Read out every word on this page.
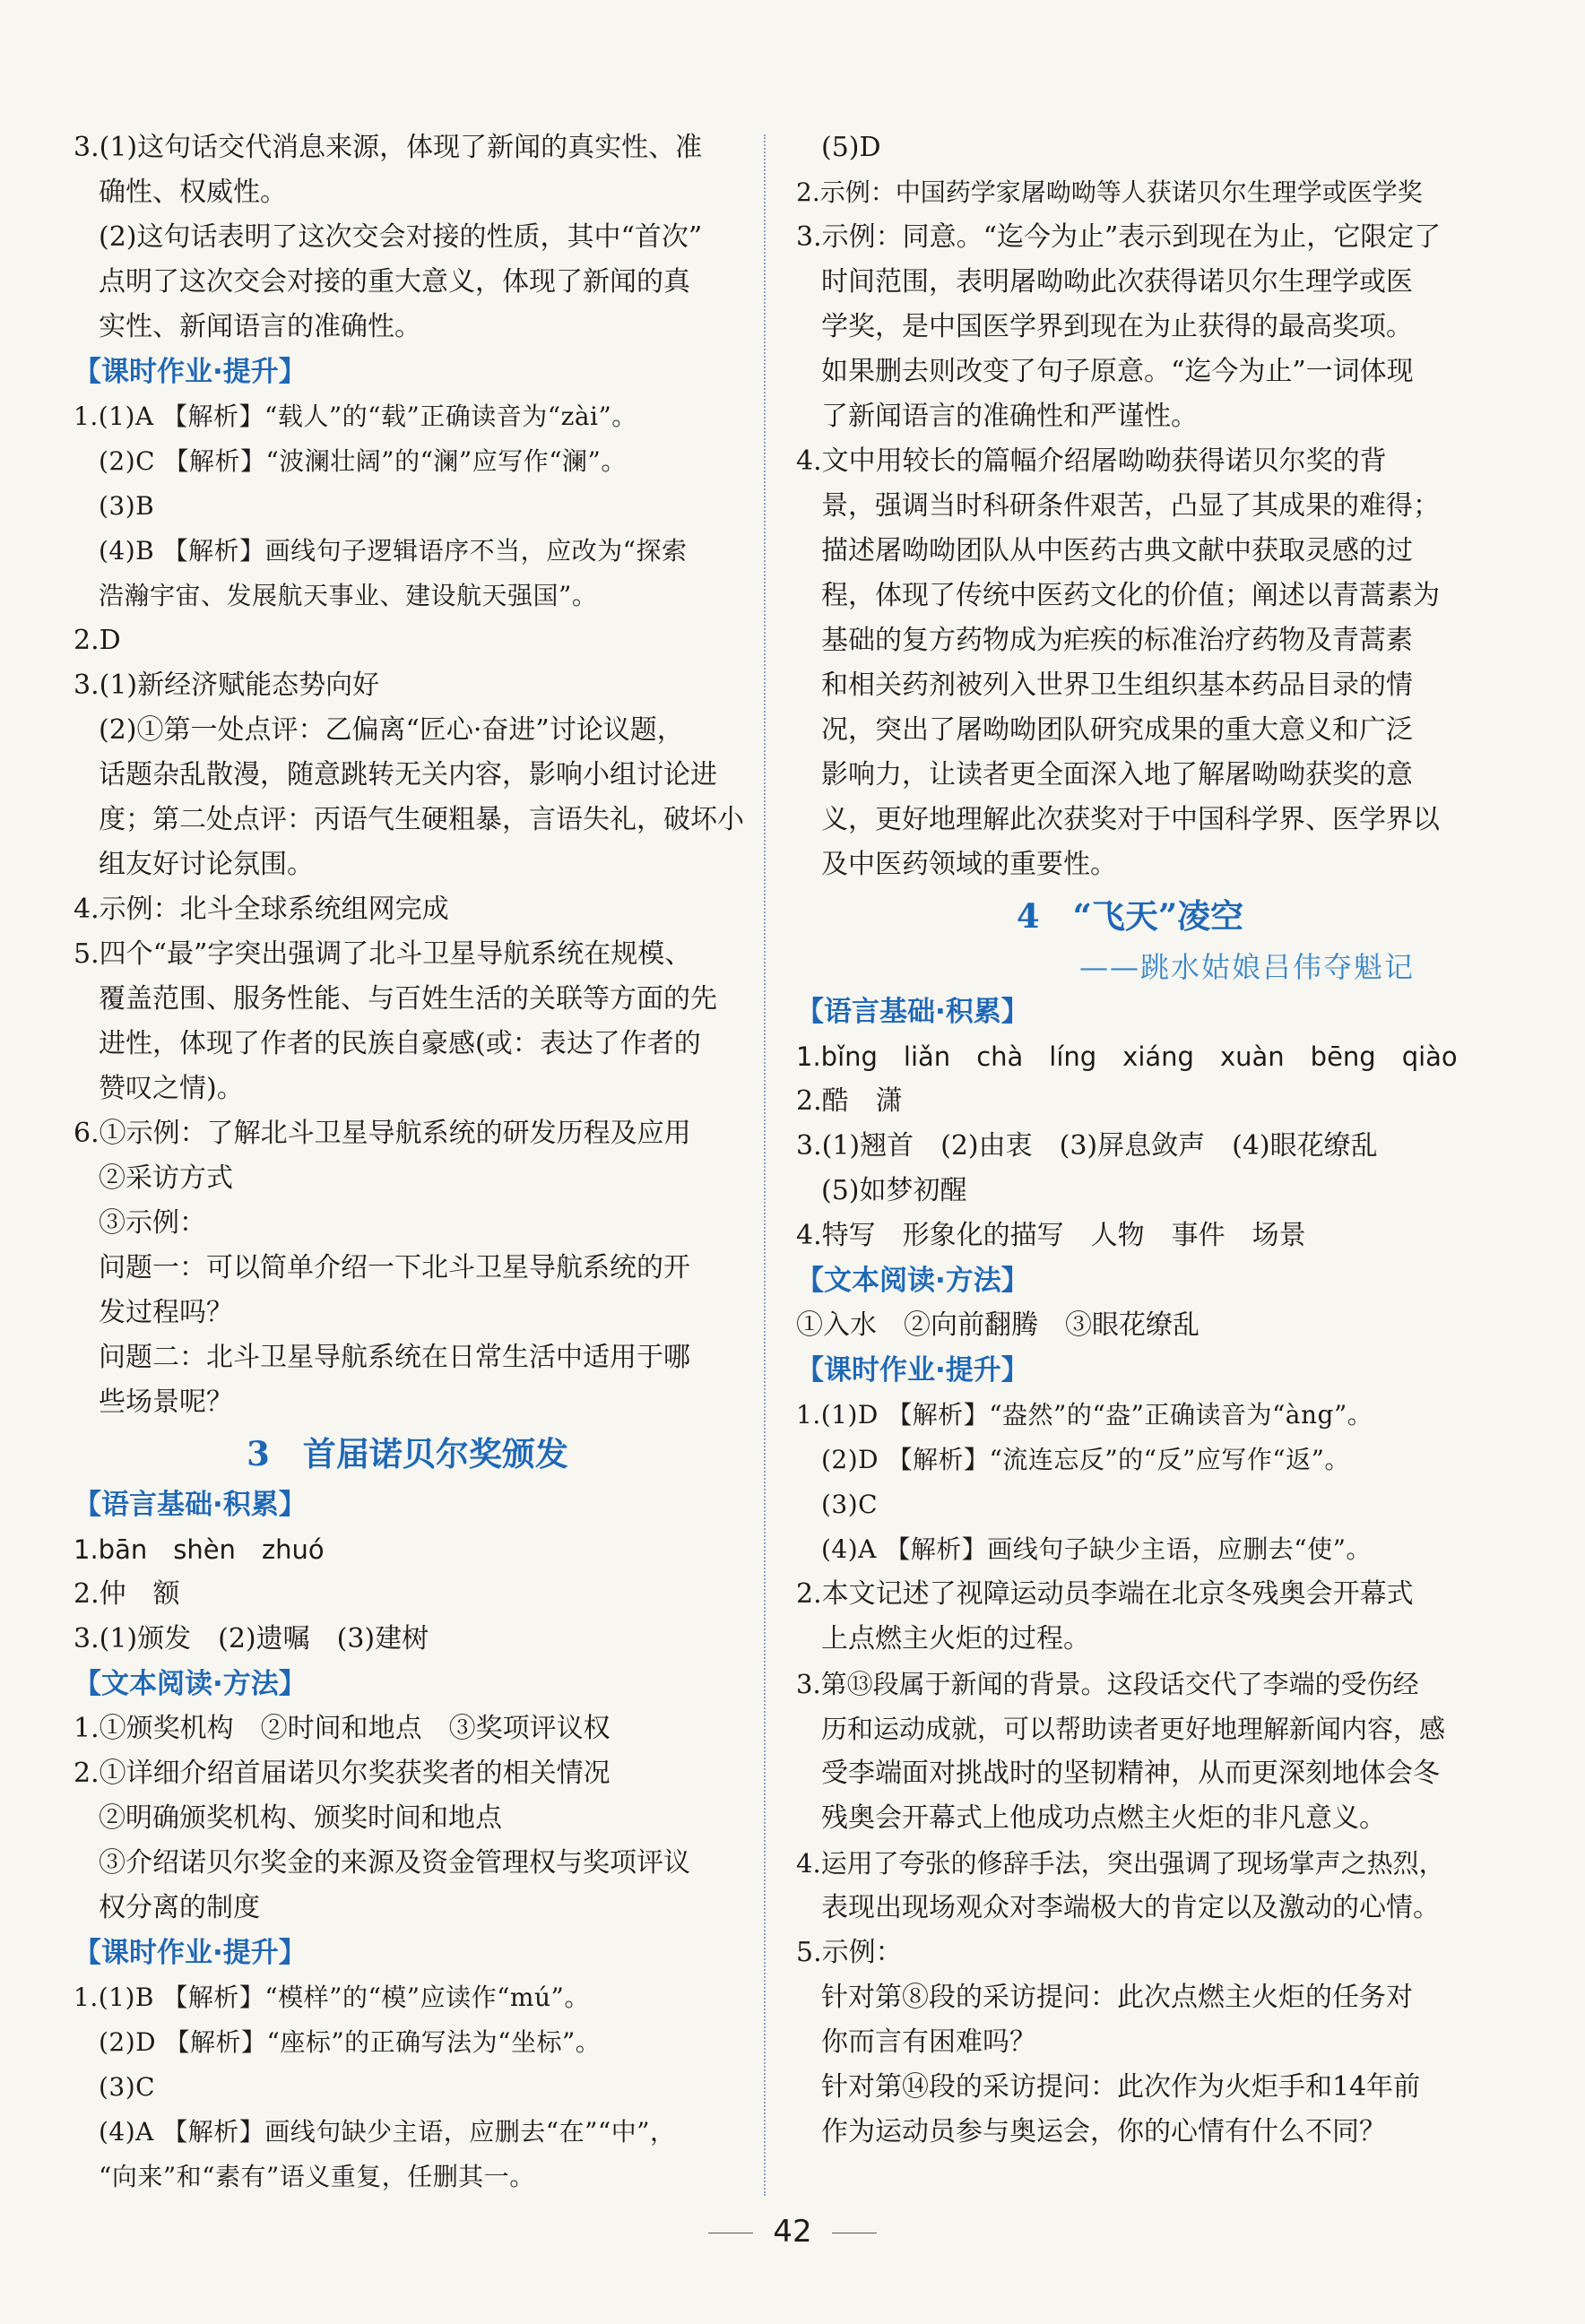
3.(1)这句话交代消息来源，体现了新闻的真实性、准
确性、权威性。
(2)这句话表明了这次交会对接的性质，其中“首次”
点明了这次交会对接的重大意义，体现了新闻的真
实性、新闻语言的准确性。
【课时作业·提升】
1.(1)A 【解析】“载人”的“载”正确读音为“zài”。
(2)C 【解析】“波澜壮阔”的“澜”应写作“澜”。
(3)B
(4)B 【解析】画线句子逻辑语序不当，应改为“探索
浩瀚宇宙、发展航天事业、建设航天强国”。
2.D
3.(1)新经济赋能态势向好
(2)①第一处点评：乙偏离“匠心·奋进”讨论议题，
话题杂乱散漫，随意跳转无关内容，影响小组讨论进
度；第二处点评：丙语气生硬粗暴，言语失礼，破坏小
组友好讨论氛围。
4.示例：北斗全球系统组网完成
5.四个“最”字突出强调了北斗卫星导航系统在规模、
覆盖范围、服务性能、与百姓生活的关联等方面的先
进性，体现了作者的民族自豪感(或：表达了作者的
赞叹之情)。
6.①示例：了解北斗卫星导航系统的研发历程及应用
②采访方式
③示例：
问题一：可以简单介绍一下北斗卫星导航系统的开
发过程吗？
问题二：北斗卫星导航系统在日常生活中适用于哪
些场景呢？
3　首届诺贝尔奖颁发
【语言基础·积累】
1.bān　shèn　zhuó
2.仲　额
3.(1)颁发　(2)遗嘱　(3)建树
【文本阅读·方法】
1.①颁奖机构　②时间和地点　③奖项评议权
2.①详细介绍首届诺贝尔奖获奖者的相关情况
②明确颁奖机构、颁奖时间和地点
③介绍诺贝尔奖金的来源及资金管理权与奖项评议
权分离的制度
【课时作业·提升】
1.(1)B 【解析】“模样”的“模”应读作“mú”。
(2)D 【解析】“座标”的正确写法为“坐标”。
(3)C
(4)A 【解析】画线句缺少主语，应删去“在”“中”，
“向来”和“素有”语义重复，任删其一。
(5)D
2.示例：中国药学家屠呦呦等人获诺贝尔生理学或医学奖
3.示例：同意。“迄今为止”表示到现在为止，它限定了
时间范围，表明屠呦呦此次获得诺贝尔生理学或医
学奖，是中国医学界到现在为止获得的最高奖项。
如果删去则改变了句子原意。“迄今为止”一词体现
了新闻语言的准确性和严谨性。
4.文中用较长的篇幅介绍屠呦呦获得诺贝尔奖的背
景，强调当时科研条件艰苦，凸显了其成果的难得；
描述屠呦呦团队从中医药古典文献中获取灵感的过
程，体现了传统中医药文化的价值；阐述以青蒿素为
基础的复方药物成为疟疾的标准治疗药物及青蒿素
和相关药剂被列入世界卫生组织基本药品目录的情
况，突出了屠呦呦团队研究成果的重大意义和广泛
影响力，让读者更全面深入地了解屠呦呦获奖的意
义，更好地理解此次获奖对于中国科学界、医学界以
及中医药领域的重要性。
4　“飞天”凌空
——跳水姑娘吕伟夺魁记
【语言基础·积累】
1.bǐng　liǎn　chà　líng　xiáng　xuàn　bēng　qiào
2.酷　潇
3.(1)翘首　(2)由衷　(3)屏息敛声　(4)眼花缭乱
(5)如梦初醒
4.特写　形象化的描写　人物　事件　场景
【文本阅读·方法】
①入水　②向前翻腾　③眼花缭乱
【课时作业·提升】
1.(1)D 【解析】“盎然”的“盎”正确读音为“àng”。
(2)D 【解析】“流连忘反”的“反”应写作“返”。
(3)C
(4)A 【解析】画线句子缺少主语，应删去“使”。
2.本文记述了视障运动员李端在北京冬残奥会开幕式
上点燃主火炬的过程。
3.第⑬段属于新闻的背景。这段话交代了李端的受伤经
历和运动成就，可以帮助读者更好地理解新闻内容，感
受李端面对挑战时的坚韧精神，从而更深刻地体会冬
残奥会开幕式上他成功点燃主火炬的非凡意义。
4.运用了夸张的修辞手法，突出强调了现场掌声之热烈，
表现出现场观众对李端极大的肯定以及激动的心情。
5.示例：
针对第⑧段的采访提问：此次点燃主火炬的任务对
你而言有困难吗？
针对第⑭段的采访提问：此次作为火炬手和14年前
作为运动员参与奥运会，你的心情有什么不同？
42
